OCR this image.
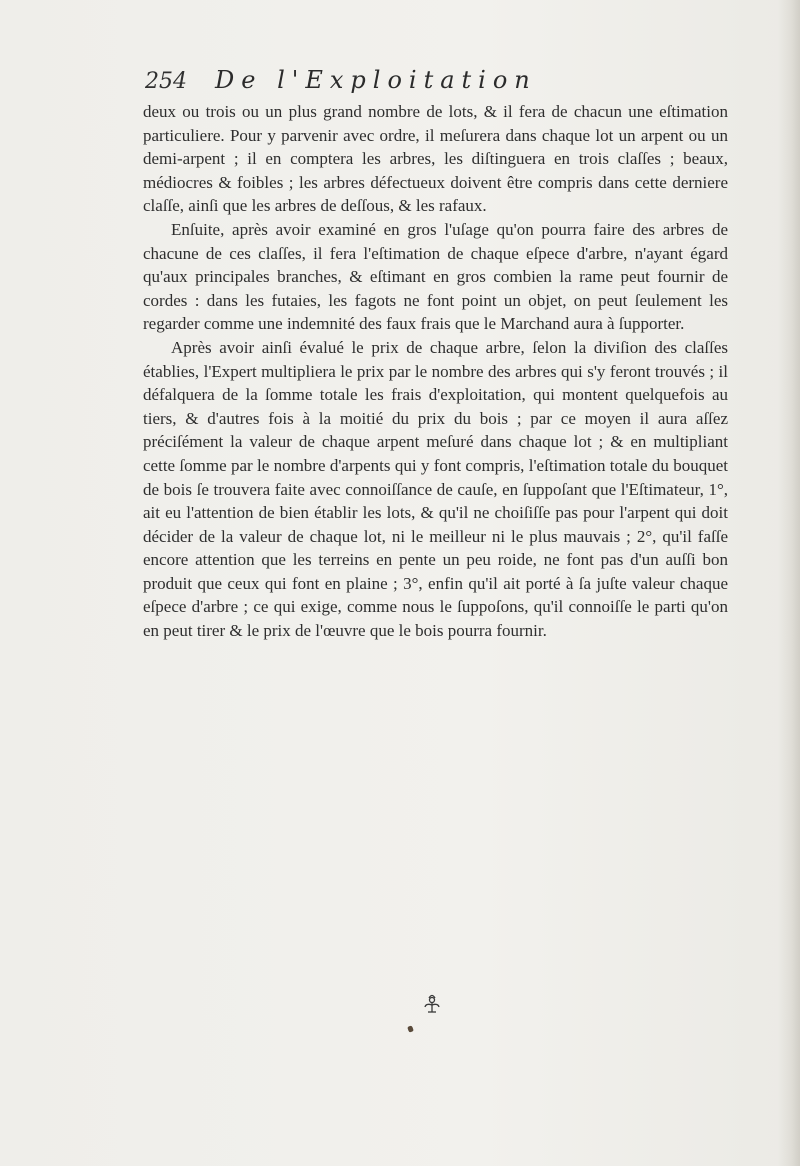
254	De l'Exploitation

deux ou trois ou un plus grand nombre de lots, & il fera de chacun une eſtimation particuliere. Pour y parvenir avec ordre, il meſurera dans chaque lot un arpent ou un demi-arpent ; il en comptera les arbres, les diſtinguera en trois claſſes ; beaux, médiocres & foibles ; les arbres défectueux doivent être compris dans cette derniere claſſe, ainſi que les arbres de deſſous, & les rafaux.

Enſuite, après avoir examiné en gros l'uſage qu'on pourra faire des arbres de chacune de ces claſſes, il fera l'eſtimation de chaque eſpece d'arbre, n'ayant égard qu'aux principales branches, & eſtimant en gros combien la rame peut fournir de cordes : dans les futaies, les fagots ne font point un objet, on peut ſeulement les regarder comme une indemnité des faux frais que le Marchand aura à ſupporter.

Après avoir ainſi évalué le prix de chaque arbre, ſelon la diviſion des claſſes établies, l'Expert multipliera le prix par le nombre des arbres qui s'y feront trouvés ; il défalquera de la ſomme totale les frais d'exploitation, qui montent quelquefois au tiers, & d'autres fois à la moitié du prix du bois ; par ce moyen il aura aſſez préciſément la valeur de chaque arpent meſuré dans chaque lot ; & en multipliant cette ſomme par le nombre d'arpents qui y font compris, l'eſtimation totale du bouquet de bois ſe trouvera faite avec connoiſſance de cauſe, en ſuppoſant que l'Eſtimateur, 1°, ait eu l'attention de bien établir les lots, & qu'il ne choiſiſſe pas pour l'arpent qui doit décider de la valeur de chaque lot, ni le meilleur ni le plus mauvais ; 2°, qu'il faſſe encore attention que les terreins en pente un peu roide, ne font pas d'un auſſi bon produit que ceux qui font en plaine ; 3°, enfin qu'il ait porté à ſa juſte valeur chaque eſpece d'arbre ; ce qui exige, comme nous le ſuppoſons, qu'il connoiſſe le parti qu'on en peut tirer & le prix de l'œuvre que le bois pourra fournir.
